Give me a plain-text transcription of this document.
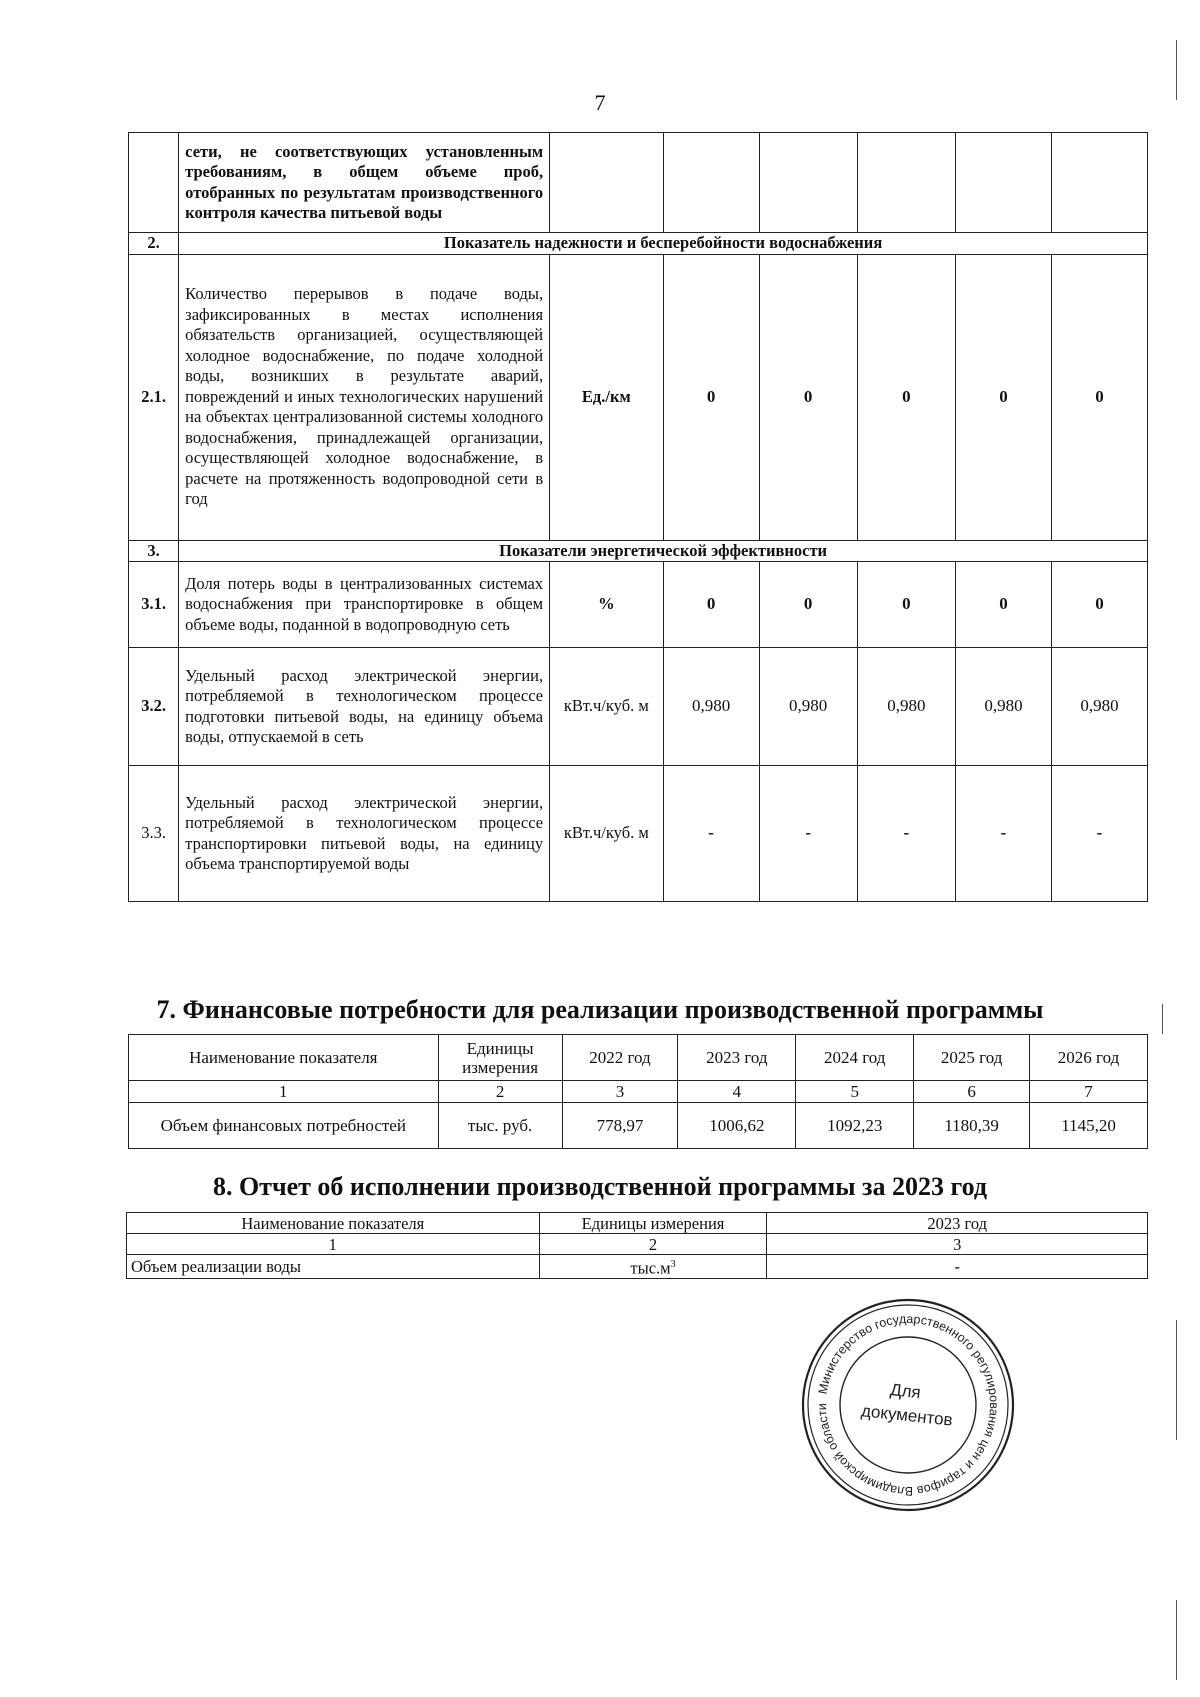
7
	сети, не соответствующих установленным требованиям, в общем объеме проб, отобранных по результатам производственного контроля качества питьевой воды						
2.	Показатель надежности и бесперебойности водоснабжения						
2.1.	Количество перерывов в подаче воды, зафиксированных в местах исполнения обязательств организацией, осуществляющей холодное водоснабжение, по подаче холодной воды, возникших в результате аварий, повреждений и иных технологических нарушений на объектах централизованной системы холодного водоснабжения, принадлежащей организации, осуществляющей холодное водоснабжение, в расчете на протяженность водопроводной сети в год	Ед./км	0	0	0	0	0
3.	Показатели энергетической эффективности						
3.1.	Доля потерь воды в централизованных системах водоснабжения при транспортировке в общем объеме воды, поданной в водопроводную сеть	%	0	0	0	0	0
3.2.	Удельный расход электрической энергии, потребляемой в технологическом процессе подготовки питьевой воды, на единицу объема воды, отпускаемой в сеть	кВт.ч/куб. м	0,980	0,980	0,980	0,980	0,980
3.3.	Удельный расход электрической энергии, потребляемой в технологическом процессе транспортировки питьевой воды, на единицу объема транспортируемой воды	кВт.ч/куб. м	-	-	-	-	-
7. Финансовые потребности для реализации производственной программы
Наименование показателя	Единицы измерения	2022 год	2023 год	2024 год	2025 год	2026 год
1	2	3	4	5	6	7
Объем финансовых потребностей	тыс. руб.	778,97	1006,62	1092,23	1180,39	1145,20
8. Отчет об исполнении производственной программы за 2023 год
Наименование показателя	Единицы измерения	2023 год
1	2	3
Объем реализации воды	$тыс.м^3$	-
Министерство государственного регулирования цен и тарифов Владимирской области
Для
документов
